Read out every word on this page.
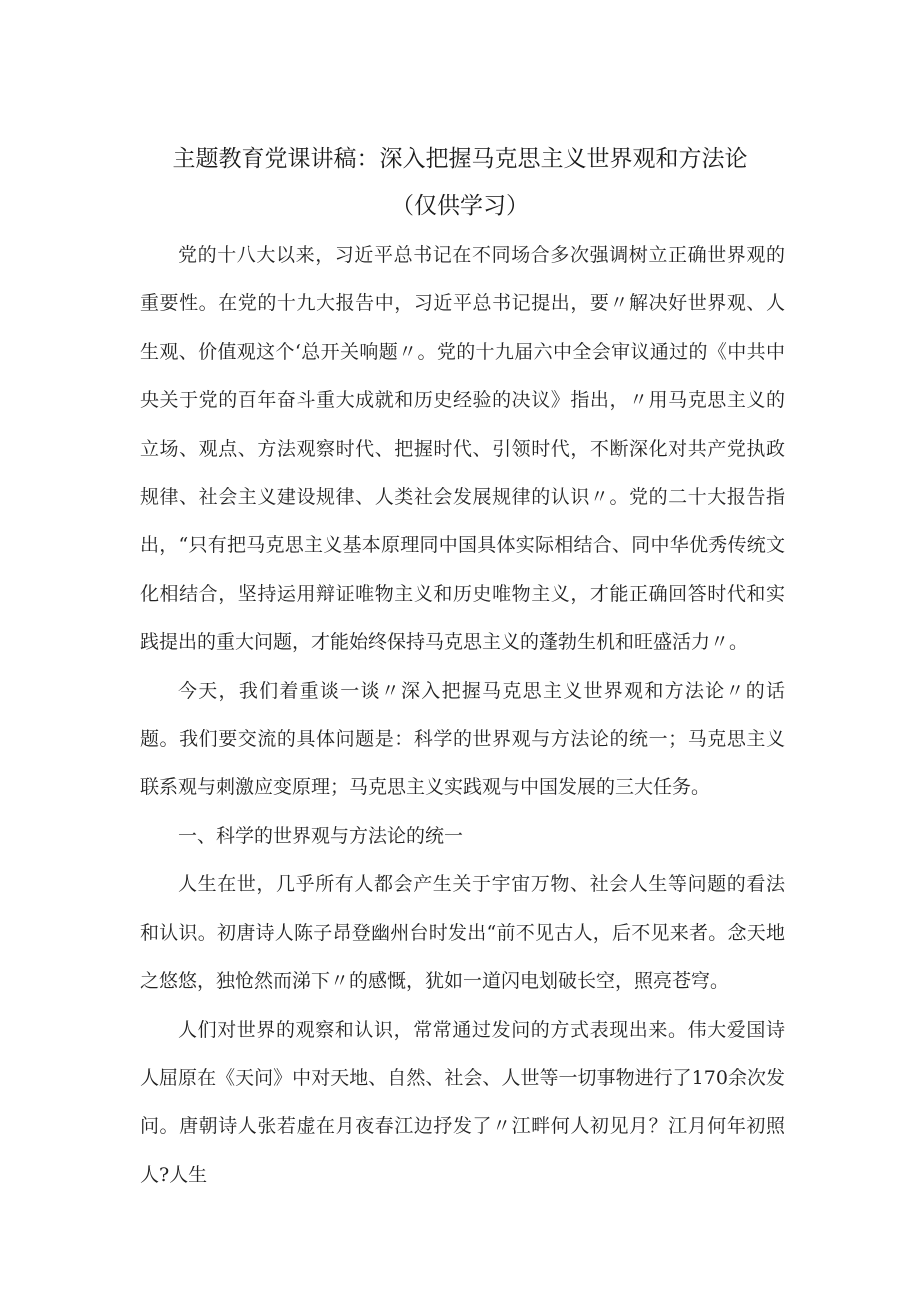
主题教育党课讲稿：深入把握马克思主义世界观和方法论
（仅供学习）

党的十八大以来，习近平总书记在不同场合多次强调树立正确世界观的重要性。在党的十九大报告中，习近平总书记提出，要〃解决好世界观、人生观、价值观这个‘总开关响题〃。党的十九届六中全会审议通过的《中共中央关于党的百年奋斗重大成就和历史经验的决议》指出，〃用马克思主义的立场、观点、方法观察时代、把握时代、引领时代，不断深化对共产党执政规律、社会主义建设规律、人类社会发展规律的认识〃。党的二十大报告指出，“只有把马克思主义基本原理同中国具体实际相结合、同中华优秀传统文化相结合，坚持运用辩证唯物主义和历史唯物主义，才能正确回答时代和实践提出的重大问题，才能始终保持马克思主义的蓬勃生机和旺盛活力〃。

今天，我们着重谈一谈〃深入把握马克思主义世界观和方法论〃的话题。我们要交流的具体问题是：科学的世界观与方法论的统一；马克思主义联系观与刺激应变原理；马克思主义实践观与中国发展的三大任务。

一、科学的世界观与方法论的统一

人生在世，几乎所有人都会产生关于宇宙万物、社会人生等问题的看法和认识。初唐诗人陈子昂登幽州台时发出“前不见古人，后不见来者。念天地之悠悠，独怆然而涕下〃的感慨，犹如一道闪电划破长空，照亮苍穹。

人们对世界的观察和认识，常常通过发问的方式表现出来。伟大爱国诗人屈原在《天问》中对天地、自然、社会、人世等一切事物进行了170余次发问。唐朝诗人张若虚在月夜春江边抒发了〃江畔何人初见月？江月何年初照人?人生
